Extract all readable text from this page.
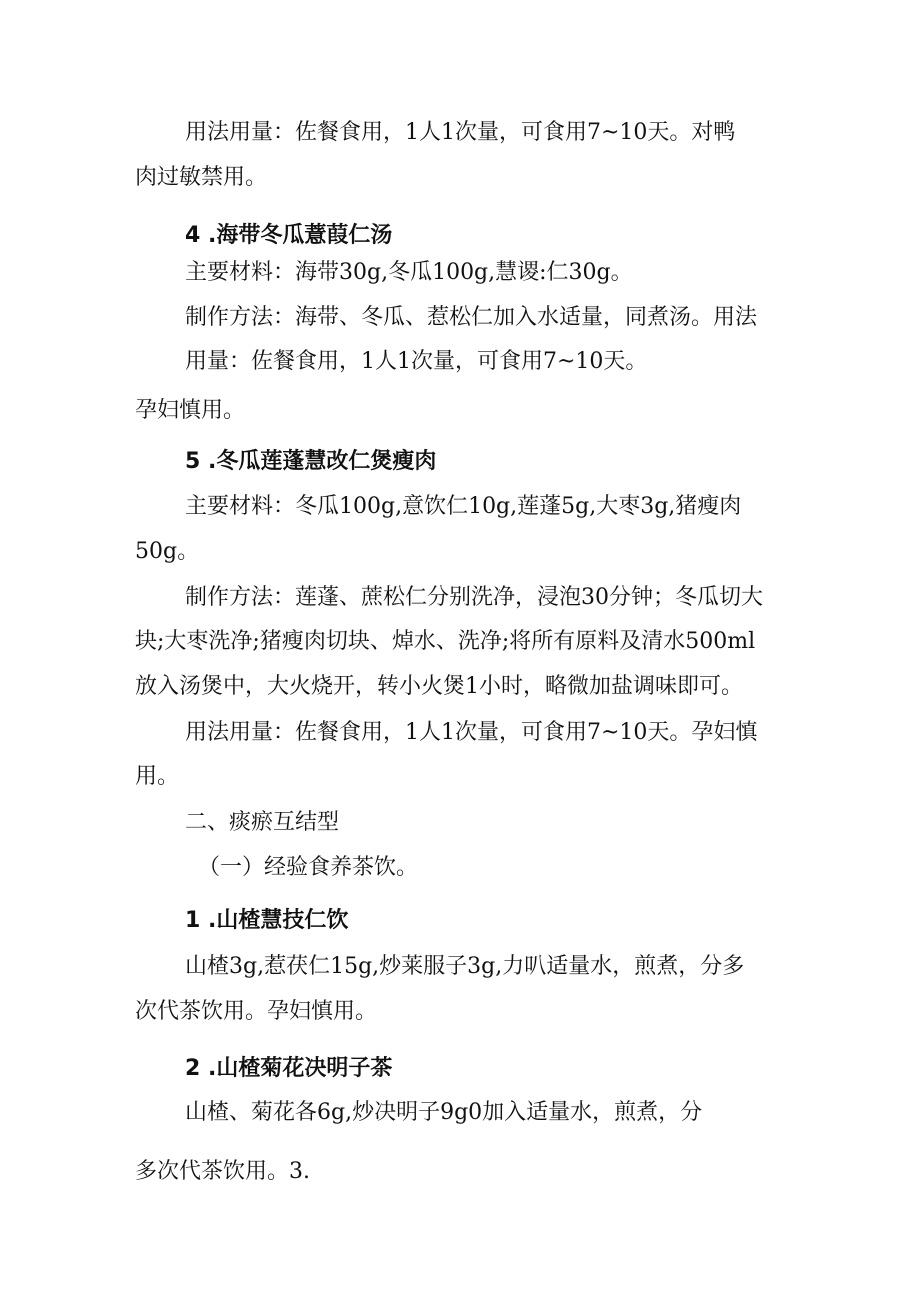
用法用量：佐餐食用，1人1次量，可食用7~10天。对鸭
肉过敏禁用。
4 .海带冬瓜薏葭仁汤
主要材料：海带30g,冬瓜100g,慧谡:仁30g。
制作方法：海带、冬瓜、惹松仁加入水适量，同煮汤。用法
用量：佐餐食用，1人1次量，可食用7~10天。
孕妇慎用。
5 .冬瓜莲蓬慧改仁煲瘦肉
主要材料：冬瓜100g,意饮仁10g,莲蓬5g,大枣3g,猪瘦肉
50g。
制作方法：莲蓬、蔗松仁分别洗净，浸泡30分钟；冬瓜切大
块;大枣洗净;猪瘦肉切块、焯水、洗净;将所有原料及清水500ml
放入汤煲中，大火烧开，转小火煲1小时，略微加盐调味即可。
用法用量：佐餐食用，1人1次量，可食用7~10天。孕妇慎
用。
二、痰瘀互结型
（一）经验食养茶饮。
1 .山楂慧技仁饮
山楂3g,惹茯仁15g,炒莱服子3g,力叭适量水，煎煮，分多
次代茶饮用。孕妇慎用。
2 .山楂菊花决明子茶
山楂、菊花各6g,炒决明子9g0加入适量水，煎煮，分
多次代茶饮用。3.
